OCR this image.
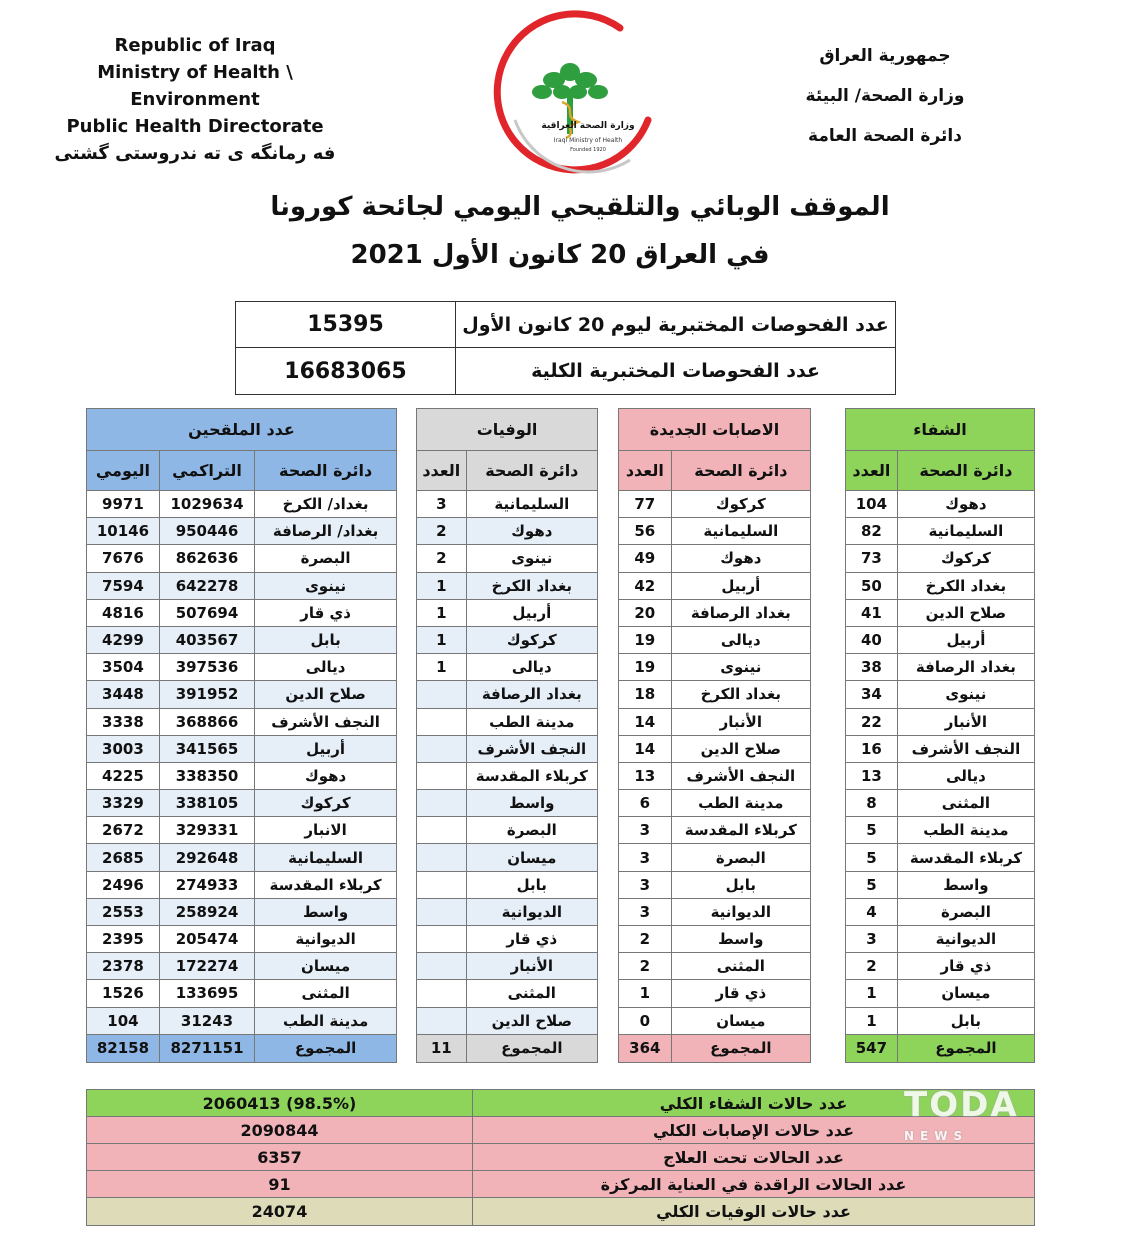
Republic of Iraq
Ministry of Health \ Environment
Public Health Directorate
فه رمانگه ی ته ندروستی گشتی
وزارة الصحة العراقية
Iraqi Ministry of Health
Founded 1920
جمهورية العراق
وزارة الصحة/ البيئة
دائرة الصحة العامة
الموقف الوبائي والتلقيحي اليومي لجائحة كورونا
في العراق 20 كانون الأول 2021
15395	عدد الفحوصات المختبرية ليوم 20 كانون الأول
16683065	عدد الفحوصات المختبرية الكلية
الشفاء	
دائرة الصحة	العدد
دهوك	104
السليمانية	82
كركوك	73
بغداد الكرخ	50
صلاح الدين	41
أربيل	40
بغداد الرصافة	38
نينوى	34
الأنبار	22
النجف الأشرف	16
ديالى	13
المثنى	8
مدينة الطب	5
كربلاء المقدسة	5
واسط	5
البصرة	4
الديوانية	3
ذي قار	2
ميسان	1
بابل	1
المجموع	547
الاصابات الجديدة	
دائرة الصحة	العدد
كركوك	77
السليمانية	56
دهوك	49
أربيل	42
بغداد الرصافة	20
ديالى	19
نينوى	19
بغداد الكرخ	18
الأنبار	14
صلاح الدين	14
النجف الأشرف	13
مدينة الطب	6
كربلاء المقدسة	3
البصرة	3
بابل	3
الديوانية	3
واسط	2
المثنى	2
ذي قار	1
ميسان	0
المجموع	364
الوفيات	
دائرة الصحة	العدد
السليمانية	3
دهوك	2
نينوى	2
بغداد الكرخ	1
أربيل	1
كركوك	1
ديالى	1
بغداد الرصافة	
مدينة الطب	
النجف الأشرف	
كربلاء المقدسة	
واسط	
البصرة	
ميسان	
بابل	
الديوانية	
ذي قار	
الأنبار	
المثنى	
صلاح الدين	
المجموع	11
عدد الملقحين		
دائرة الصحة	التراكمي	اليومي
بغداد/ الكرخ	1029634	9971
بغداد/ الرصافة	950446	10146
البصرة	862636	7676
نينوى	642278	7594
ذي قار	507694	4816
بابل	403567	4299
ديالى	397536	3504
صلاح الدين	391952	3448
النجف الأشرف	368866	3338
أربيل	341565	3003
دهوك	338350	4225
كركوك	338105	3329
الانبار	329331	2672
السليمانية	292648	2685
كربلاء المقدسة	274933	2496
واسط	258924	2553
الديوانية	205474	2395
ميسان	172274	2378
المثنى	133695	1526
مدينة الطب	31243	104
المجموع	8271151	82158
2060413 (98.5%)	عدد حالات الشفاء الكلي
2090844	عدد حالات الإصابات الكلي
6357	عدد الحالات تحت العلاج
91	عدد الحالات الراقدة في العناية المركزة
24074	عدد حالات الوفيات الكلي
TODA
NEWS
